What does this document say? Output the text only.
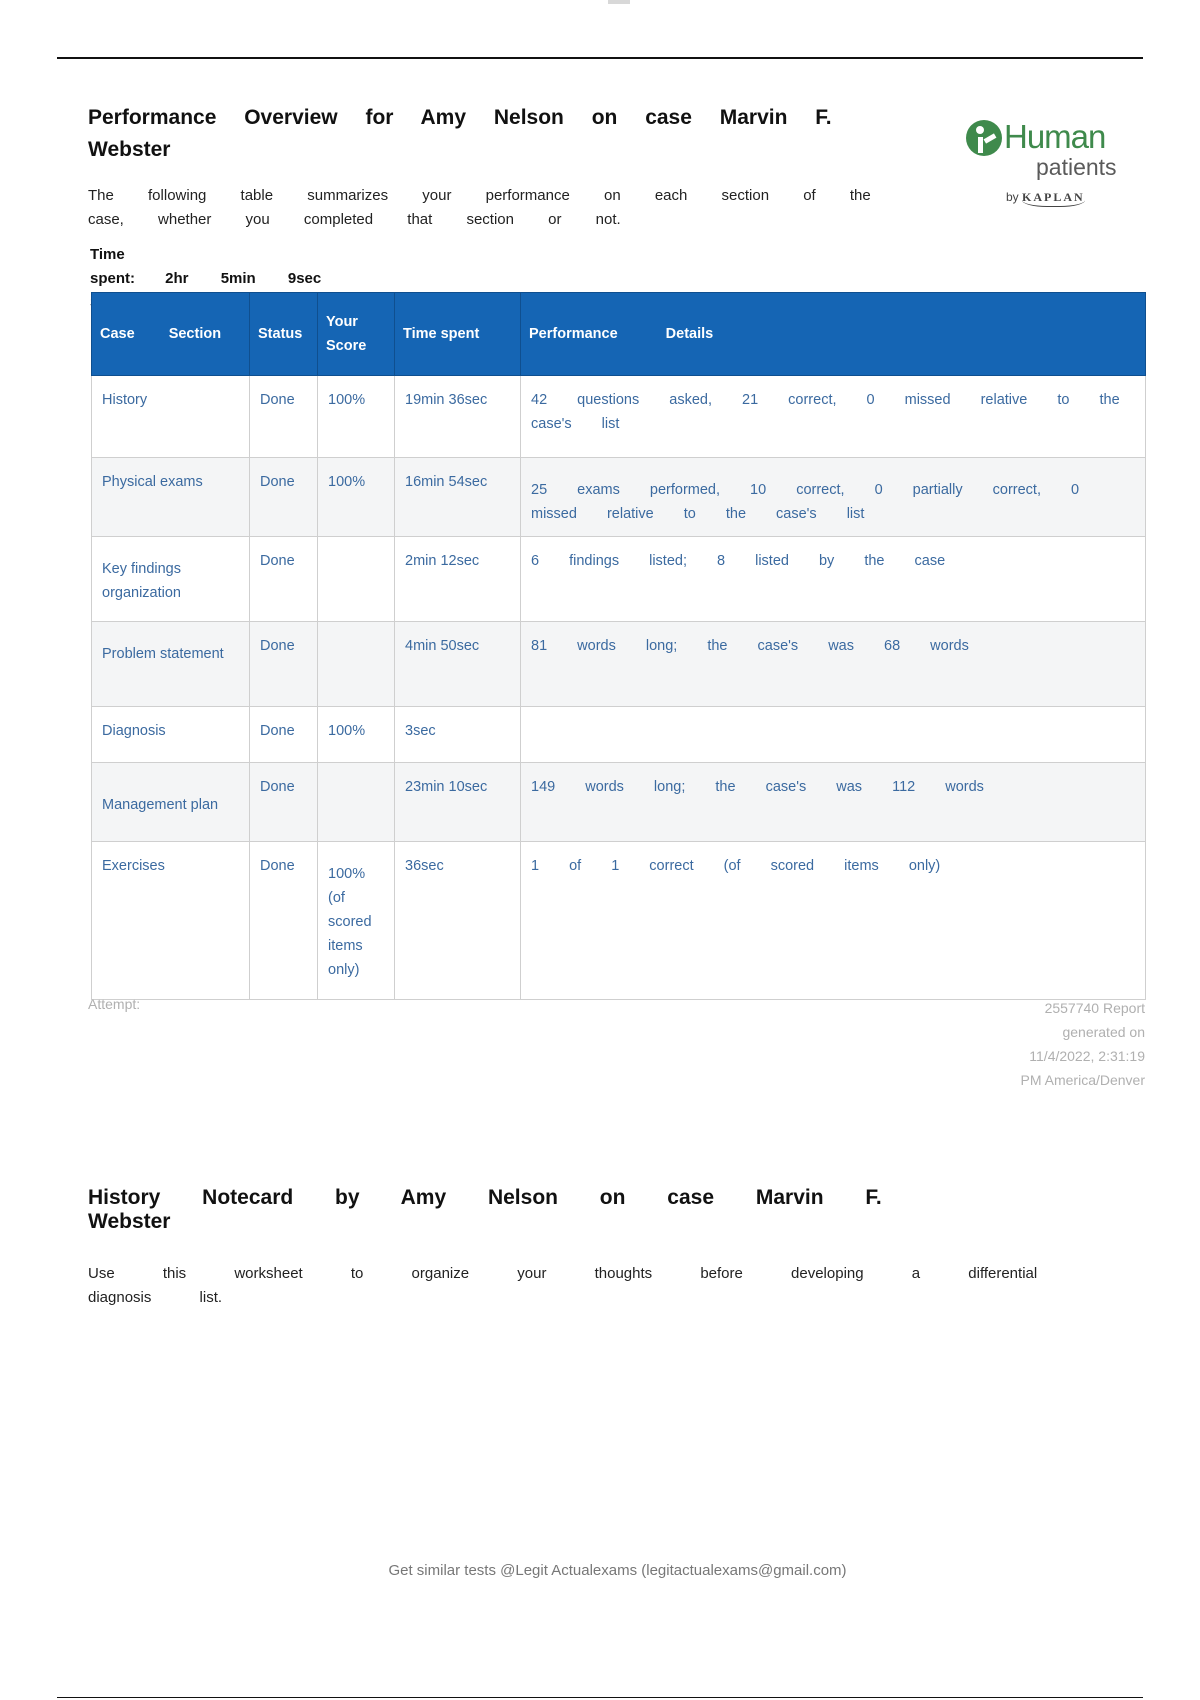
Performance Overview for Amy Nelson on case Marvin F. Webster
The following table summarizes your performance on each section of the case, whether you completed that section or not.
Time spent: 2hr 5min 9sec

Human
patients
by KAPLAN
Case Section	Status	Your Score	Time spent	Performance Details
History	Done	100%	19min 36sec	42 questions asked, 21 correct, 0 missed relative to the case's list
Physical exams	Done	100%	16min 54sec	25 exams performed, 10 correct, 0 partially correct, 0 missed relative to the case's list
Key findings organization	Done		2min 12sec	6 findings listed; 8 listed by the case
Problem statement	Done		4min 50sec	81 words long; the case's was 68 words
Diagnosis	Done	100%	3sec	
Management plan	Done		23min 10sec	149 words long; the case's was 112 words
Exercises	Done	100% (of scored items only)	36sec	1 of 1 correct (of scored items only)
Attempt:	2557740 Report generated on 11/4/2022, 2:31:19 PM America/Denver
History Notecard by Amy Nelson on case Marvin F. Webster
Use this worksheet to organize your thoughts before developing a differential diagnosis list.
Get similar tests @Legit Actualexams (legitactualexams@gmail.com)
